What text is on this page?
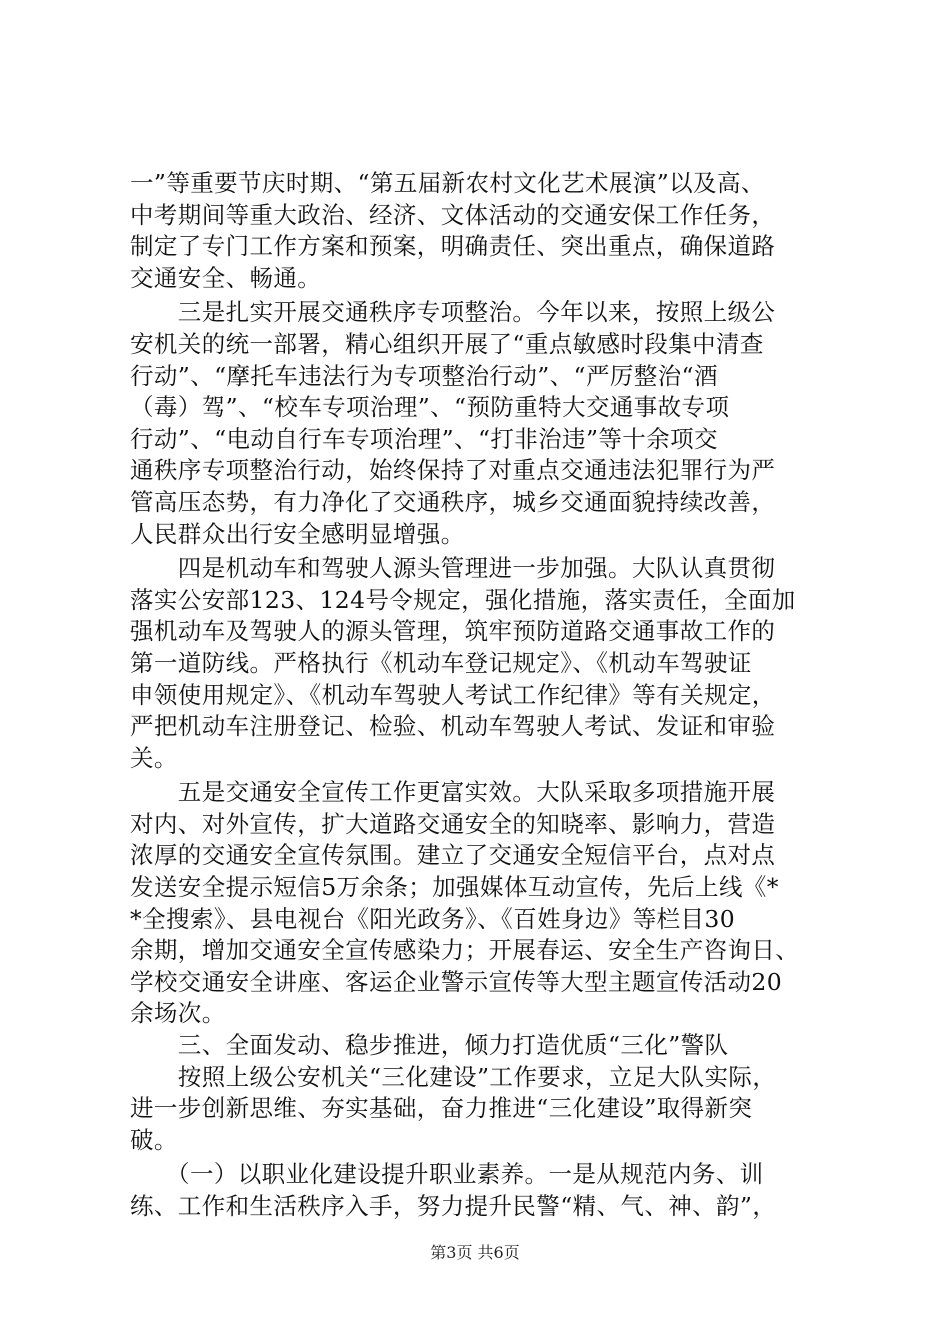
一”等重要节庆时期、“第五届新农村文化艺术展演”以及高、
中考期间等重大政治、经济、文体活动的交通安保工作任务，
制定了专门工作方案和预案，明确责任、突出重点，确保道路
交通安全、畅通。
　　三是扎实开展交通秩序专项整治。今年以来，按照上级公
安机关的统一部署，精心组织开展了“重点敏感时段集中清查
行动”、“摩托车违法行为专项整治行动”、“严厉整治“酒
（毒）驾”、“校车专项治理”、“预防重特大交通事故专项
行动”、“电动自行车专项治理”、“打非治违”等十余项交
通秩序专项整治行动，始终保持了对重点交通违法犯罪行为严
管高压态势，有力净化了交通秩序，城乡交通面貌持续改善，
人民群众出行安全感明显增强。
　　四是机动车和驾驶人源头管理进一步加强。大队认真贯彻
落实公安部123、124号令规定，强化措施，落实责任，全面加
强机动车及驾驶人的源头管理，筑牢预防道路交通事故工作的
第一道防线。严格执行《机动车登记规定》、《机动车驾驶证
申领使用规定》、《机动车驾驶人考试工作纪律》等有关规定，
严把机动车注册登记、检验、机动车驾驶人考试、发证和审验
关。
　　五是交通安全宣传工作更富实效。大队采取多项措施开展
对内、对外宣传，扩大道路交通安全的知晓率、影响力，营造
浓厚的交通安全宣传氛围。建立了交通安全短信平台，点对点
发送安全提示短信5万余条；加强媒体互动宣传，先后上线《*
*全搜索》、县电视台《阳光政务》、《百姓身边》等栏目30
余期，增加交通安全宣传感染力；开展春运、安全生产咨询日、
学校交通安全讲座、客运企业警示宣传等大型主题宣传活动20
余场次。
　　三、全面发动、稳步推进，倾力打造优质“三化”警队
　　按照上级公安机关“三化建设”工作要求，立足大队实际，
进一步创新思维、夯实基础，奋力推进“三化建设”取得新突
破。
　　（一）以职业化建设提升职业素养。一是从规范内务、训
练、工作和生活秩序入手，努力提升民警“精、气、神、韵”，
第3页 共6页
